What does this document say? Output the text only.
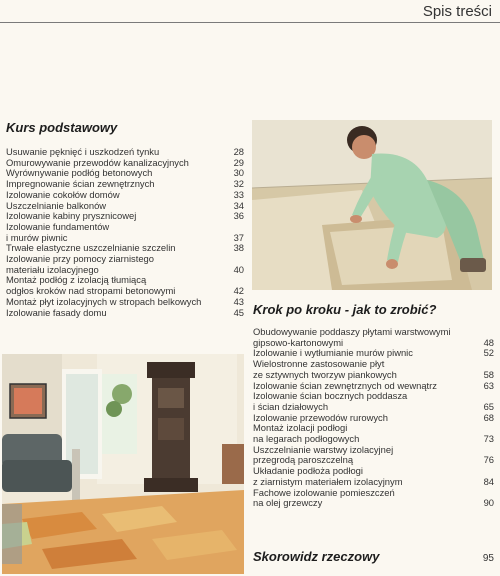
Spis treści
Kurs podstawowy
Usuwanie pęknięć i uszkodzeń tynku	28
Omurowywanie przewodów kanalizacyjnych	29
Wyrównywanie podłóg betonowych	30
Impregnowanie ścian zewnętrznych	32
Izolowanie cokołów domów	33
Uszczelnianie balkonów	34
Izolowanie kabiny prysznicowej	36
Izolowanie fundamentów
i murów piwnic	37
Trwałe elastyczne uszczelnianie szczelin	38
Izolowanie przy pomocy ziarnistego
materiału izolacyjnego	40
Montaż podłóg z izolacją tłumiącą
odgłos kroków nad stropami betonowymi	42
Montaż płyt izolacyjnych w stropach belkowych	43
Izolowanie fasady domu	45 Krok po kroku - jak to zrobić?
Obudowywanie poddaszy płytami warstwowymi
gipsowo-kartonowymi	48
Izolowanie i wytłumianie murów piwnic	52
Wielostronne zastosowanie płyt
ze sztywnych tworzyw piankowych	58
Izolowanie ścian zewnętrznych od wewnątrz	63
Izolowanie ścian bocznych poddasza
i ścian działowych	65
Izolowanie przewodów rurowych	68
Montaż izolacji podłogi
na legarach podłogowych	73
Uszczelnianie warstwy izolacyjnej
przegrodą paroszczelną	76
Układanie podłoża podłogi
z ziarnistym materiałem izolacyjnym	84
Fachowe izolowanie pomieszczeń
na olej grzewczy	90
Skorowidz rzeczowy	95
